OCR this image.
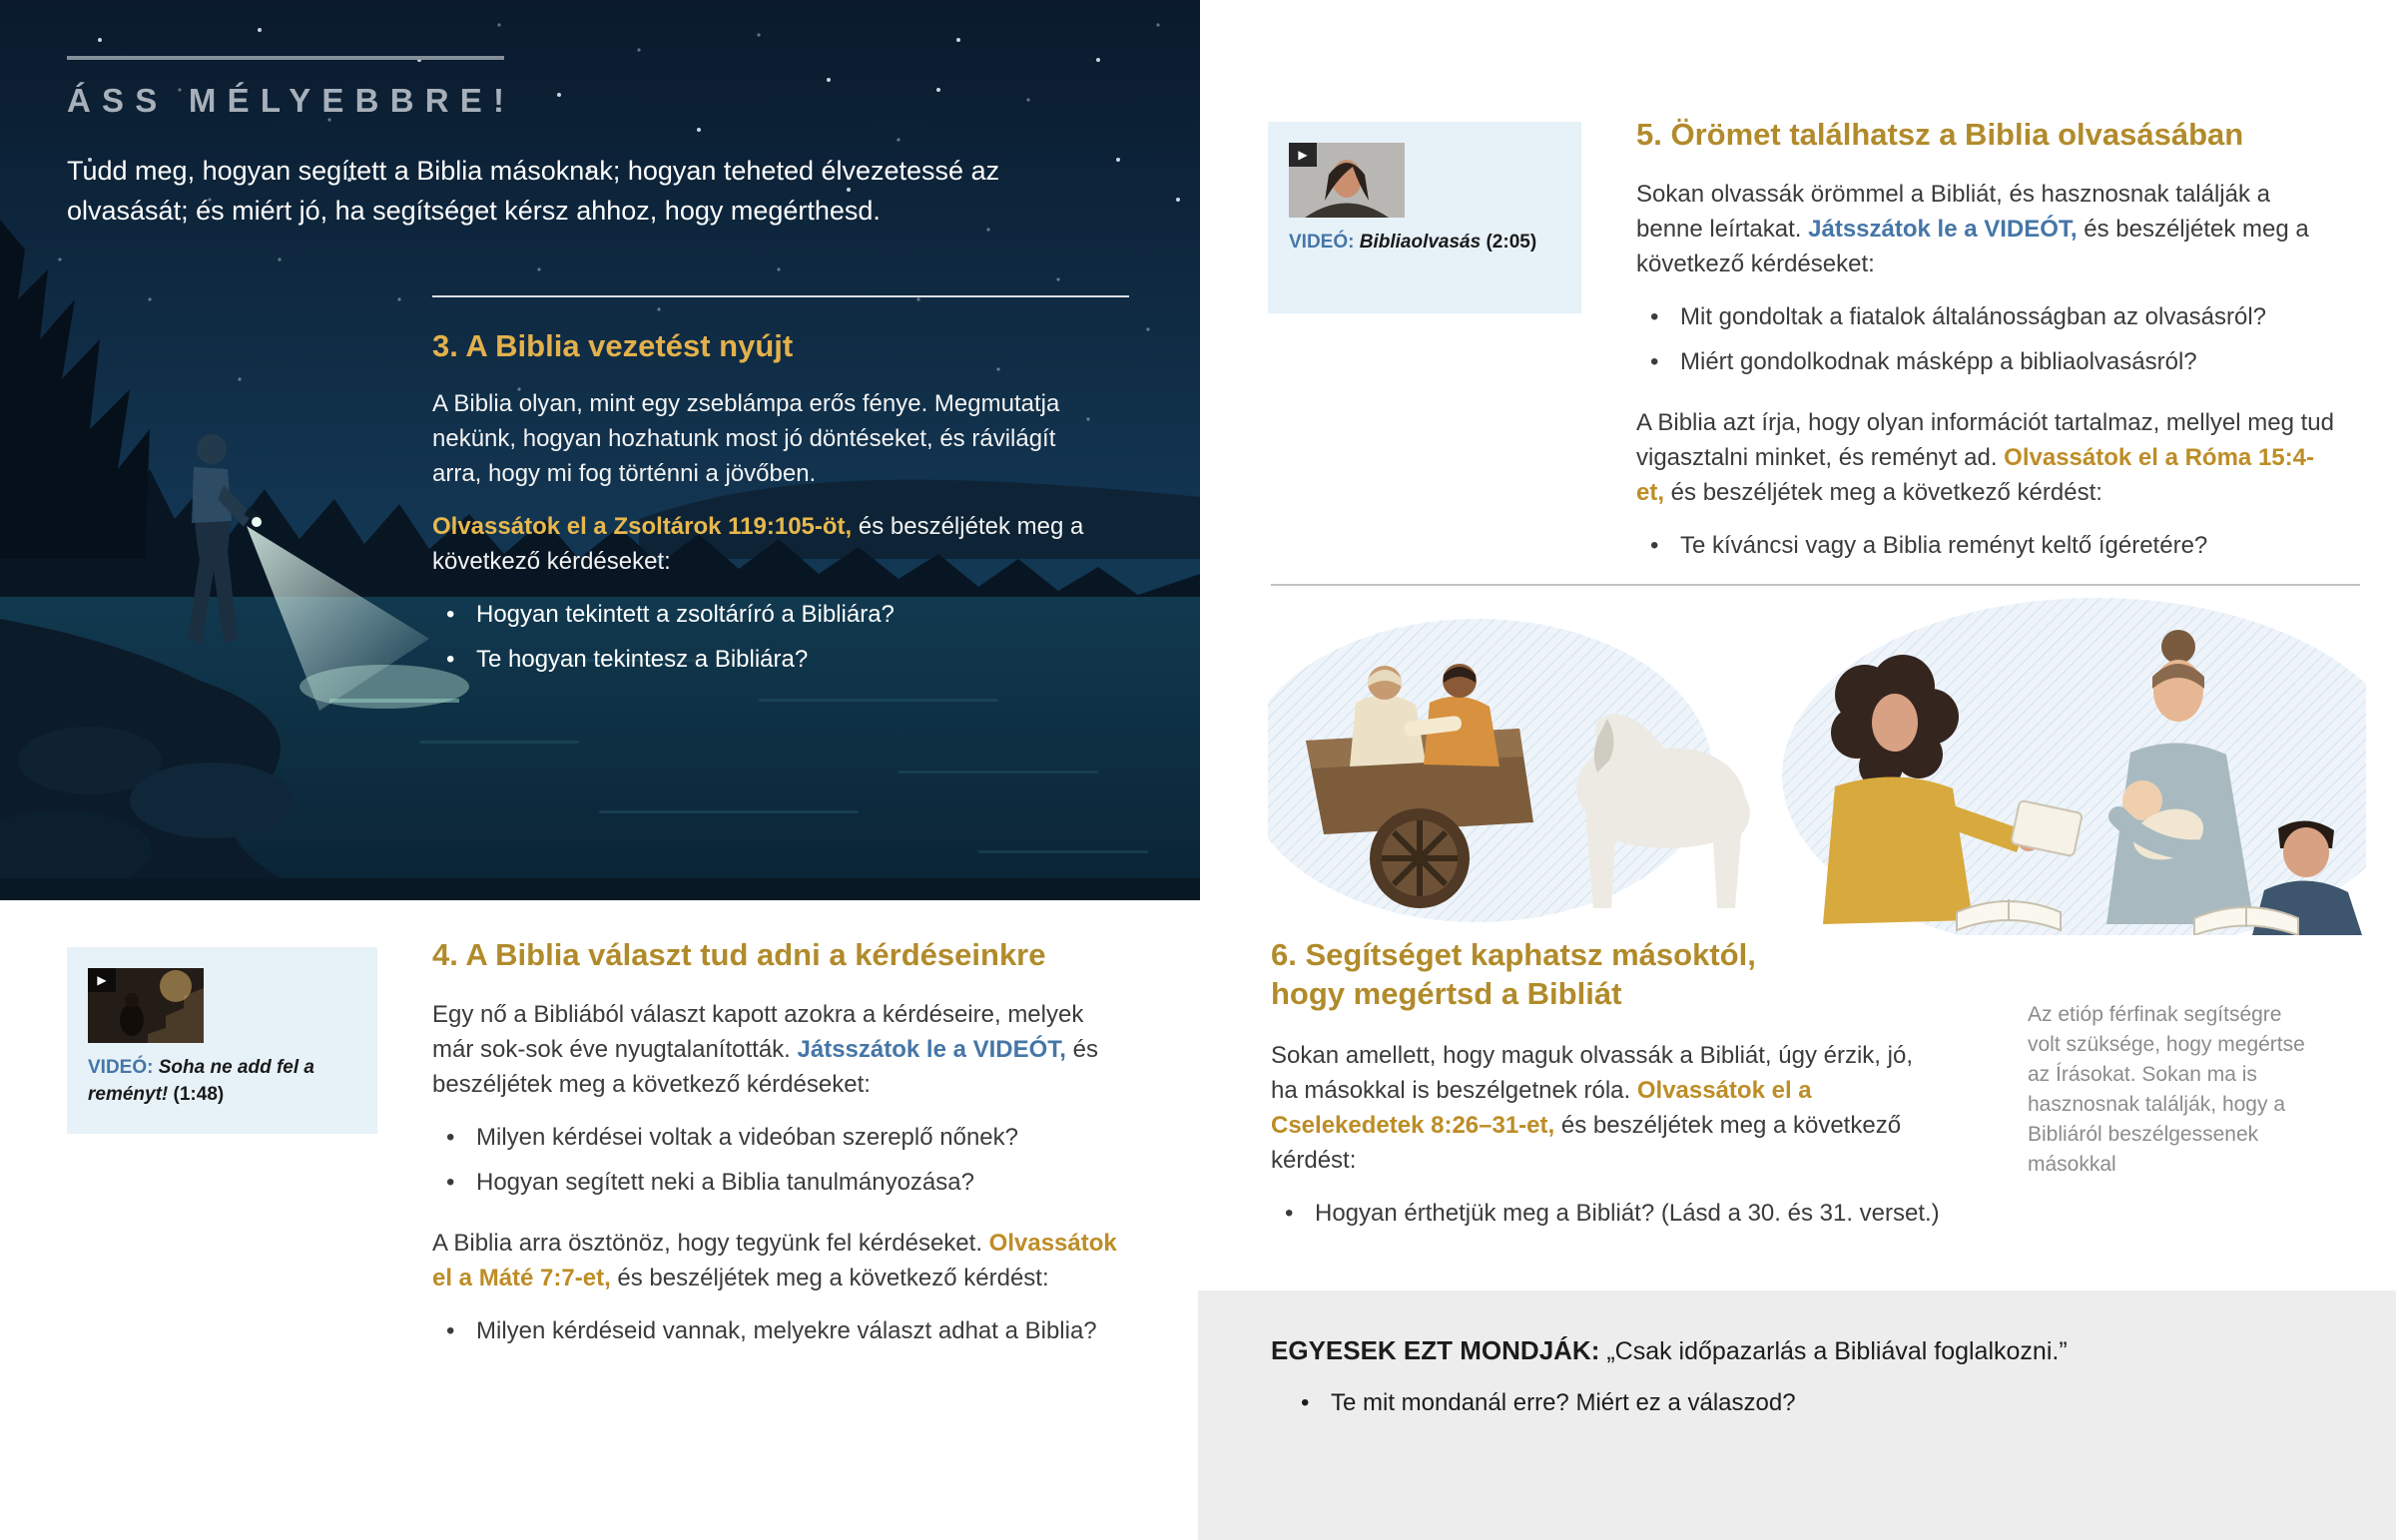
ÁSS MÉLYEBBRE!

Tudd meg, hogyan segített a Biblia másoknak; hogyan teheted élvezetessé az olvasását; és miért jó, ha segítséget kérsz ahhoz, hogy megérthesd.

3. A Biblia vezetést nyújt

A Biblia olyan, mint egy zseblámpa erős fénye. Megmutatja nekünk, hogyan hozhatunk most jó döntéseket, és rávilágít arra, hogy mi fog történni a jövőben.

Olvassátok el a Zsoltárok 119:105-öt, és beszéljétek meg a következő kérdéseket:

• Hogyan tekintett a zsoltáríró a Bibliára?
• Te hogyan tekintesz a Bibliára?
▶

VIDEÓ: Soha ne add fel a reményt! (1:48)

4. A Biblia választ tud adni a kérdéseinkre

Egy nő a Bibliából választ kapott azokra a kérdéseire, melyek már sok-sok éve nyugtalanították. Játsszátok le a VIDEÓT, és beszéljétek meg a következő kérdéseket:

• Milyen kérdései voltak a videóban szereplő nőnek?
• Hogyan segített neki a Biblia tanulmányozása?

A Biblia arra ösztönöz, hogy tegyünk fel kérdéseket. Olvassátok el a Máté 7:7-et, és beszéljétek meg a következő kérdést:

• Milyen kérdéseid vannak, melyekre választ adhat a Biblia?
▶

VIDEÓ: Bibliaolvasás (2:05)

5. Örömet találhatsz a Biblia olvasásában

Sokan olvassák örömmel a Bibliát, és hasznosnak találják a benne leírtakat. Játsszátok le a VIDEÓT, és beszéljétek meg a következő kérdéseket:

• Mit gondoltak a fiatalok általánosságban az olvasásról?
• Miért gondolkodnak másképp a bibliaolvasásról?

A Biblia azt írja, hogy olyan információt tartalmaz, mellyel meg tud vigasztalni minket, és reményt ad. Olvassátok el a Róma 15:4-et, és beszéljétek meg a következő kérdést:

• Te kíváncsi vagy a Biblia reményt keltő ígéretére?
6. Segítséget kaphatsz másoktól, hogy megértsd a Bibliát

Sokan amellett, hogy maguk olvassák a Bibliát, úgy érzik, jó, ha másokkal is beszélgetnek róla. Olvassátok el a Cselekedetek 8:26–31-et, és beszéljétek meg a következő kérdést:

• Hogyan érthetjük meg a Bibliát? (Lásd a 30. és 31. verset.)

Az etióp férfinak segítségre volt szüksége, hogy megértse az Írásokat. Sokan ma is hasznosnak találják, hogy a Bibliáról beszélgessenek másokkal

EGYESEK EZT MONDJÁK: „Csak időpazarlás a Bibliával foglalkozni.”

• Te mit mondanál erre? Miért ez a válaszod?
